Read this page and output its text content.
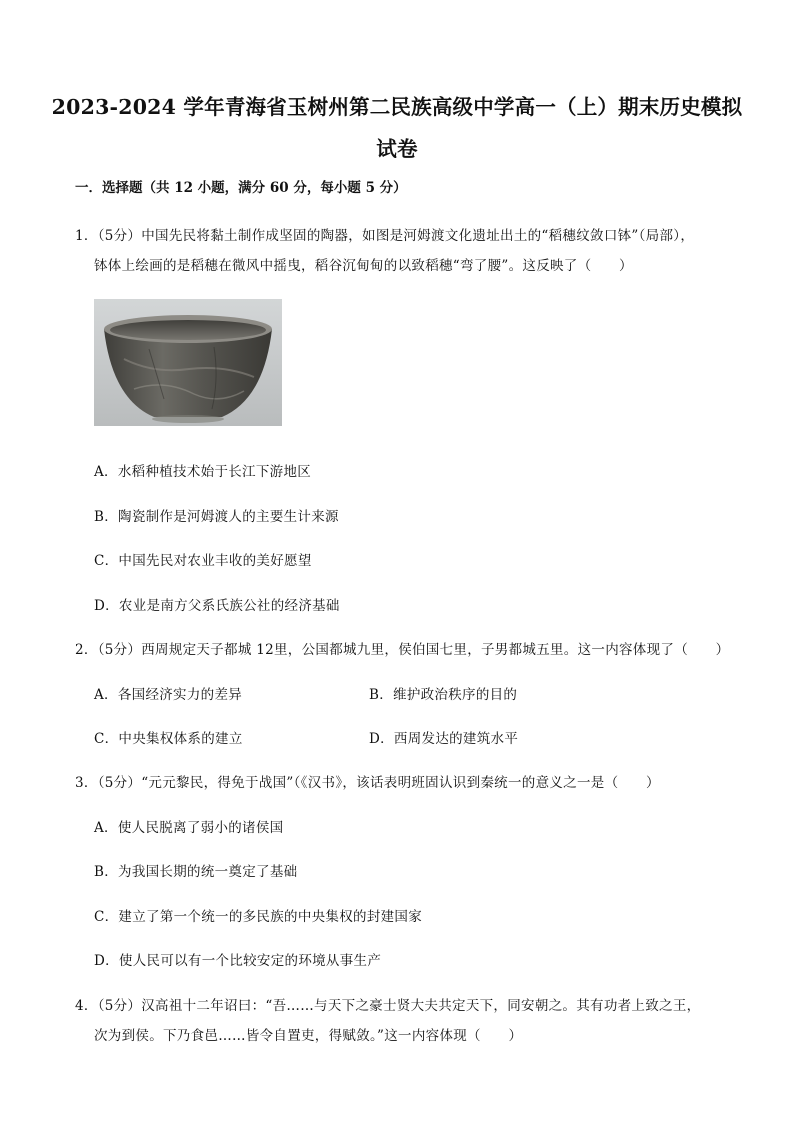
2023-2024 学年青海省玉树州第二民族高级中学高一（上）期末历史模拟
试卷
一．选择题（共 12 小题，满分 60 分，每小题 5 分）
1．（5分）中国先民将黏土制作成坚固的陶器，如图是河姆渡文化遗址出土的“稻穗纹敛口钵”（局部），
钵体上绘画的是稻穗在微风中摇曳，稻谷沉甸甸的以致稻穗“弯了腰”。这反映了（　　）
A．水稻种植技术始于长江下游地区
B．陶瓷制作是河姆渡人的主要生计来源
C．中国先民对农业丰收的美好愿望
D．农业是南方父系氏族公社的经济基础
2．（5分）西周规定天子都城 12里，公国都城九里，侯伯国七里，子男都城五里。这一内容体现了（　　）
A．各国经济实力的差异	B．维护政治秩序的目的
C．中央集权体系的建立	D．西周发达的建筑水平
3．（5分）“元元黎民，得免于战国”（《汉书》，该话表明班固认识到秦统一的意义之一是（　　）
A．使人民脱离了弱小的诸侯国
B．为我国长期的统一奠定了基础
C．建立了第一个统一的多民族的中央集权的封建国家
D．使人民可以有一个比较安定的环境从事生产
4．（5分）汉高祖十二年诏曰：“吾……与天下之豪士贤大夫共定天下，同安朝之。其有功者上致之王，
次为到侯。下乃食邑……皆令自置吏，得赋敛。”这一内容体现（　　）
